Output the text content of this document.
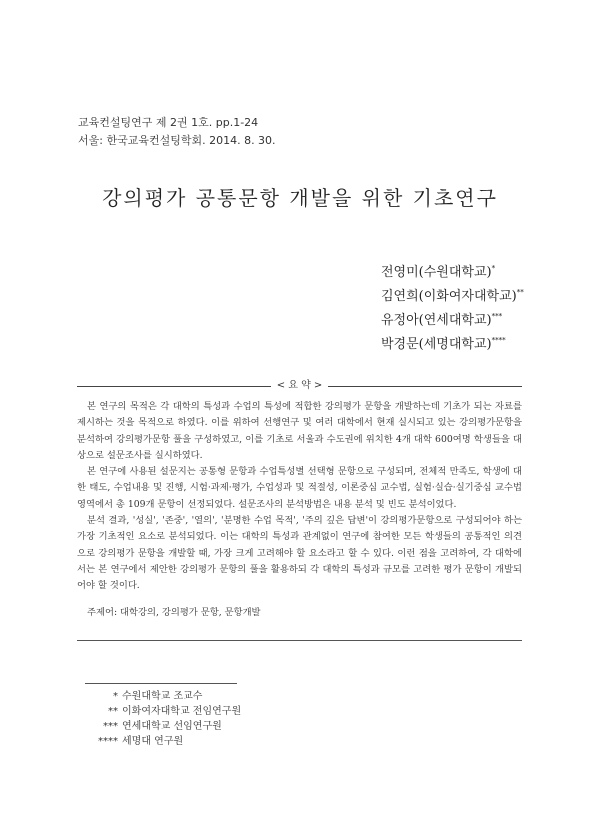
교육컨설팅연구 제 2권 1호. pp.1-24
서울: 한국교육컨설팅학회. 2014. 8. 30.
강의평가 공통문항 개발을 위한 기초연구
전영미(수원대학교)*
김연희(이화여자대학교)**
유정아(연세대학교)***
박경문(세명대학교)****
< 요 약 >

본 연구의 목적은 각 대학의 특성과 수업의 특성에 적합한 강의평가 문항을 개발하는데 기초가 되는 자료를 제시하는 것을 목적으로 하였다. 이를 위하여 선행연구 및 여러 대학에서 현재 실시되고 있는 강의평가문항을 분석하여 강의평가문항 풀을 구성하였고, 이를 기초로 서울과 수도권에 위치한 4개 대학 600여명 학생들을 대상으로 설문조사를 실시하였다.

본 연구에 사용된 설문지는 공통형 문항과 수업특성별 선택형 문항으로 구성되며, 전체적 만족도, 학생에 대한 태도, 수업내용 및 진행, 시험·과제·평가, 수업성과 및 적절성, 이론중심 교수법, 실험·실습·실기중심 교수법 영역에서 총 109개 문항이 선정되었다. 설문조사의 분석방법은 내용 분석 및 빈도 분석이었다.

분석 결과, '성실', '존중', '열의', '분명한 수업 목적', '주의 깊은 답변'이 강의평가문항으로 구성되어야 하는 가장 기초적인 요소로 분석되었다. 이는 대학의 특성과 관계없이 연구에 참여한 모든 학생들의 공통적인 의견으로 강의평가 문항을 개발할 때, 가장 크게 고려해야 할 요소라고 할 수 있다. 이런 점을 고려하여, 각 대학에서는 본 연구에서 제안한 강의평가 문항의 풀을 활용하되 각 대학의 특성과 규모를 고려한 평가 문항이 개발되어야 할 것이다.

주제어: 대학강의, 강의평가 문항, 문항개발
* 수원대학교 조교수
** 이화여자대학교 전임연구원
*** 연세대학교 선임연구원
**** 세명대 연구원
